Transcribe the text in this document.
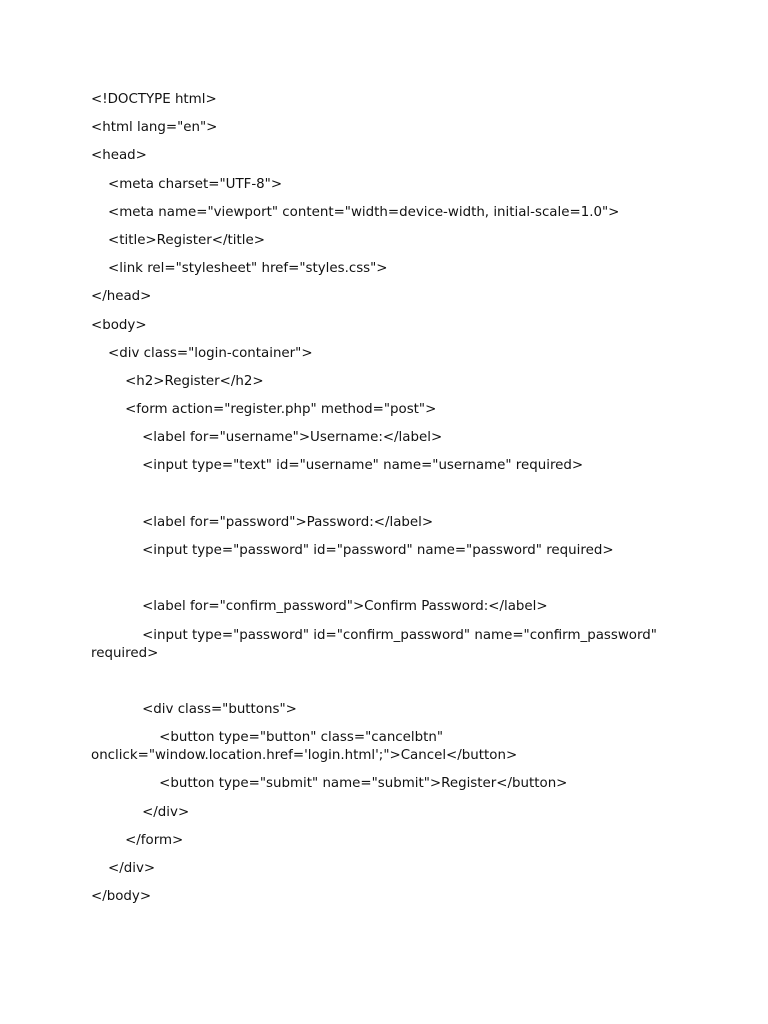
<!DOCTYPE html>
<html lang="en">
<head>
<meta charset="UTF-8">
<meta name="viewport" content="width=device-width, initial-scale=1.0">
<title>Register</title>
<link rel="stylesheet" href="styles.css">
</head>
<body>
<div class="login-container">
<h2>Register</h2>
<form action="register.php" method="post">
<label for="username">Username:</label>
<input type="text" id="username" name="username" required>
<label for="password">Password:</label>
<input type="password" id="password" name="password" required>
<label for="confirm_password">Confirm Password:</label>
<input type="password" id="confirm_password" name="confirm_password"
required>
<div class="buttons">
<button type="button" class="cancelbtn"
onclick="window.location.href='login.html';">Cancel</button>
<button type="submit" name="submit">Register</button>
</div>
</form>
</div>
</body>
